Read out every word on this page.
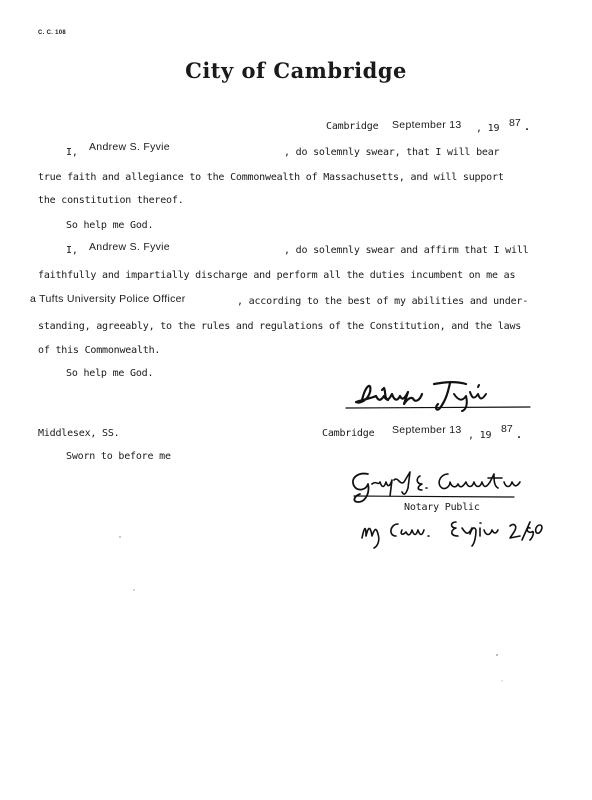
C. C. 108
City of Cambridge
Cambridge September 13 , 19 87 .
I, Andrew S. Fyvie	, do solemnly swear, that I will bear
true faith and allegiance to the Commonwealth of Massachusetts, and will support
the constitution thereof.
So help me God.
I, Andrew S. Fyvie	, do solemnly swear and affirm that I will
faithfully and impartially discharge and perform all the duties incumbent on me as
a Tufts University Police Officer	, according to the best of my abilities and under-
standing, agreeably, to the rules and regulations of the Constitution, and the laws
of this Commonwealth.
So help me God.
Middlesex, SS.	Cambridge September 13 , 19
87
.
Sworn to before me
Notary Public
